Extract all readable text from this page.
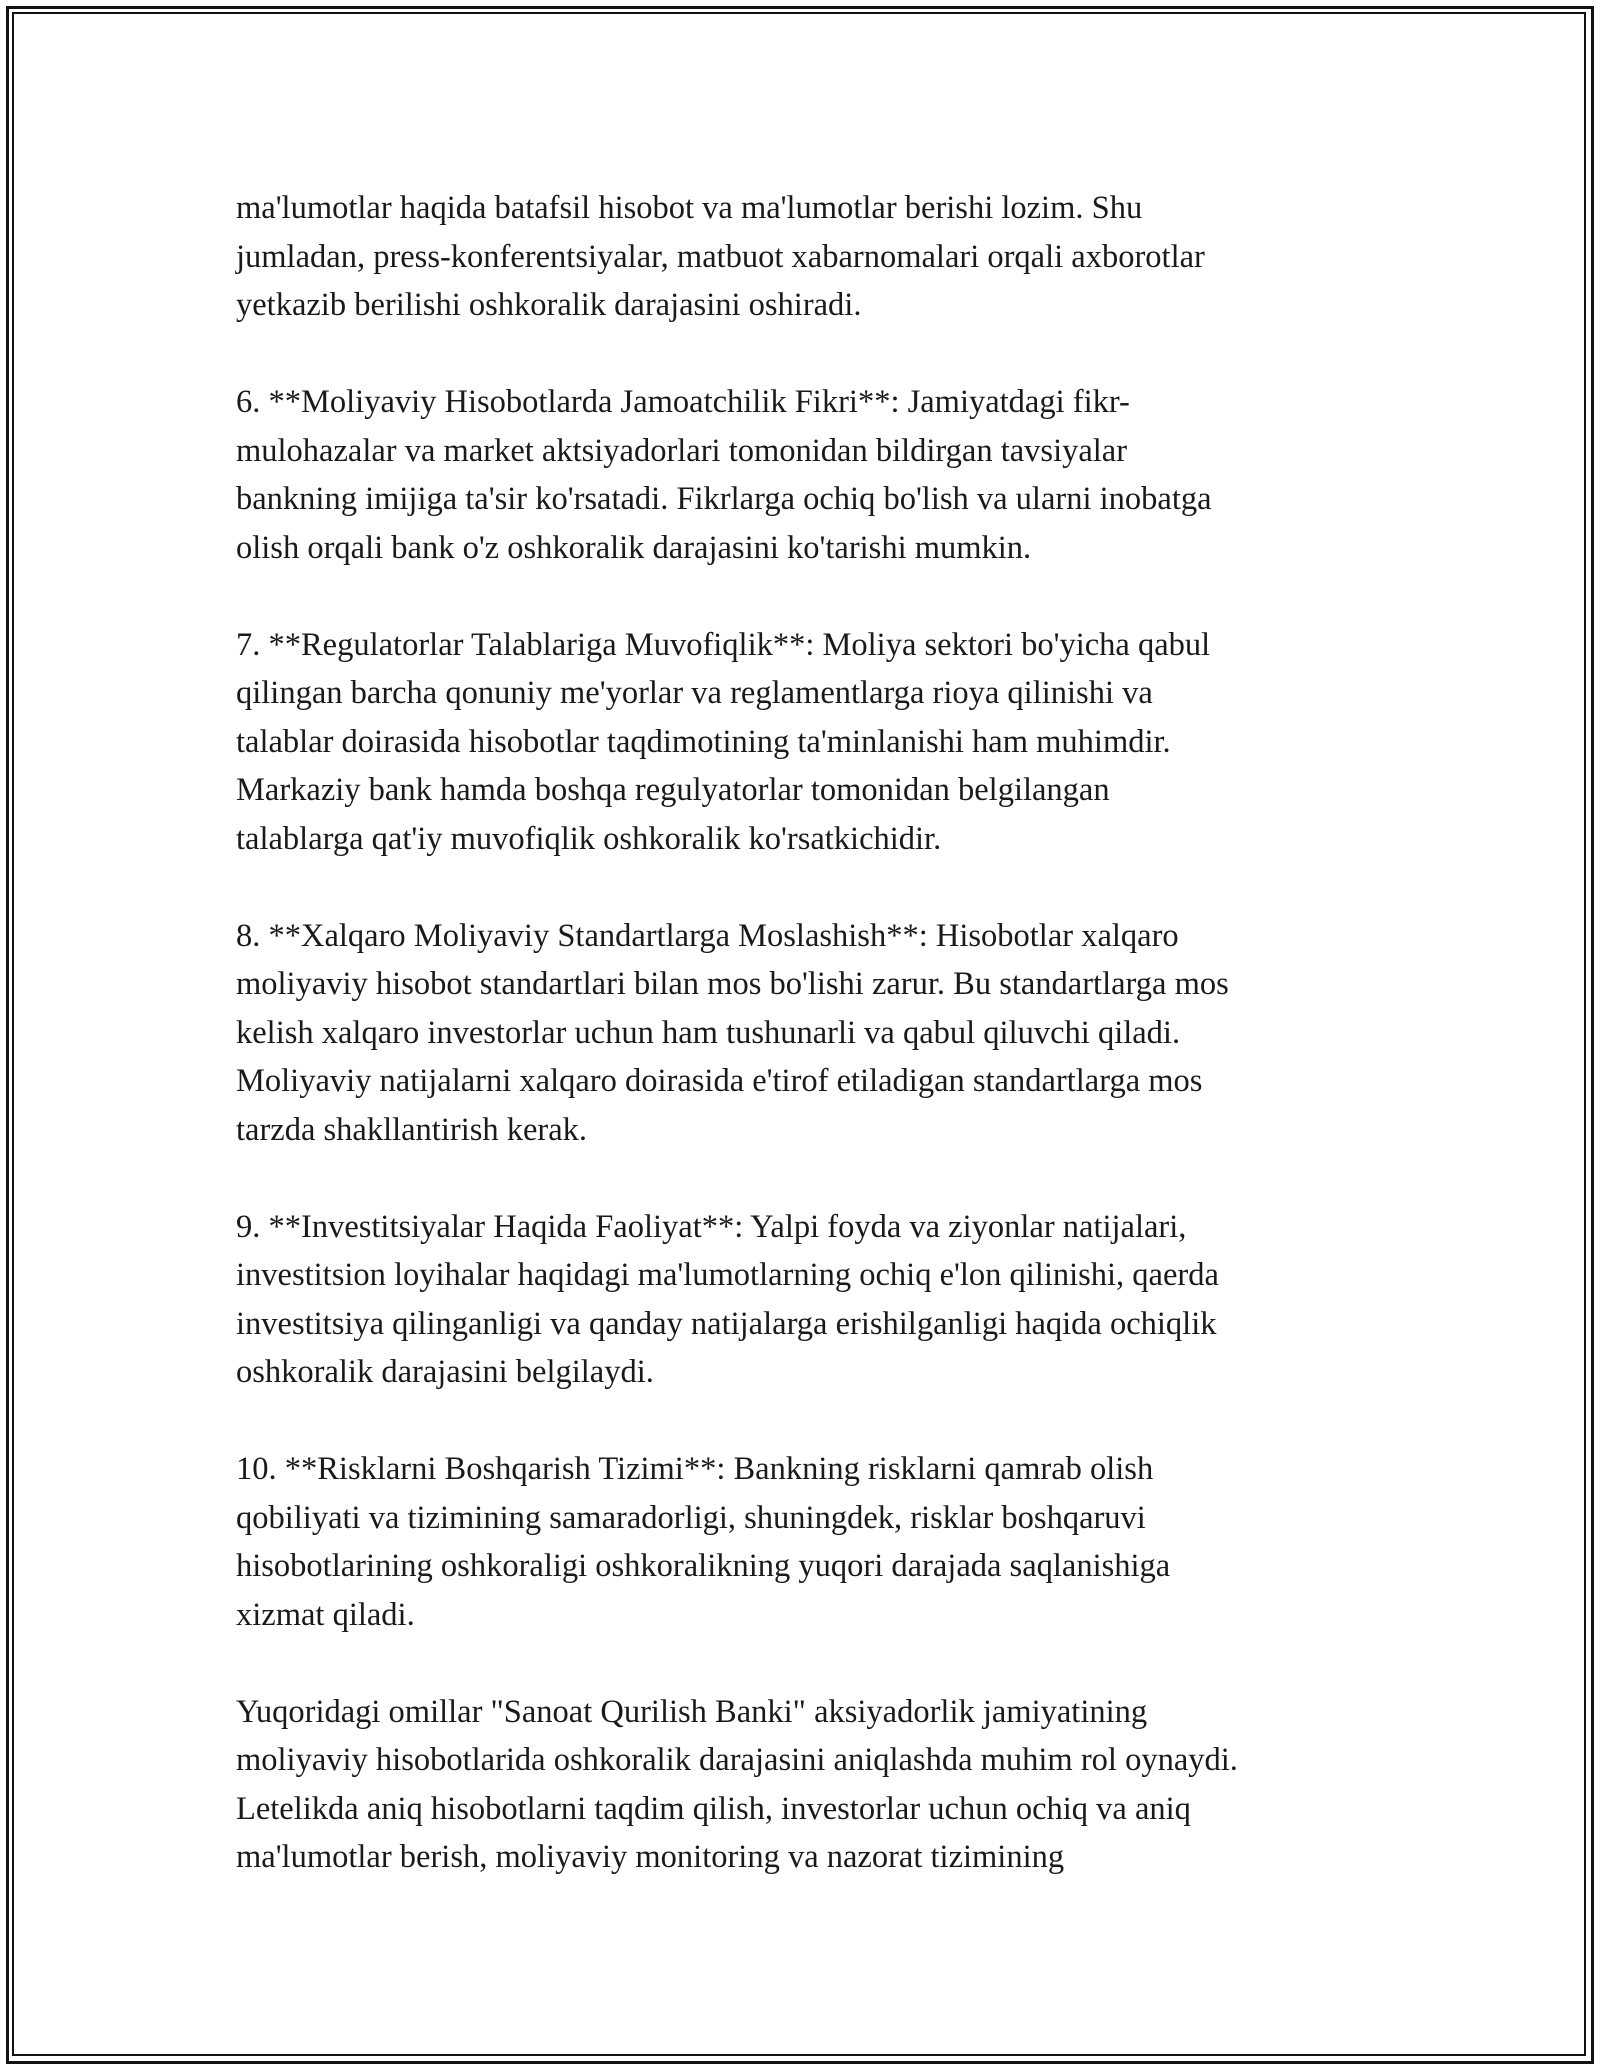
ma'lumotlar haqida batafsil hisobot va ma'lumotlar berishi lozim. Shu
jumladan, press-konferentsiyalar, matbuot xabarnomalari orqali axborotlar
yetkazib berilishi oshkoralik darajasini oshiradi.

6. **Moliyaviy Hisobotlarda Jamoatchilik Fikri**: Jamiyatdagi fikr-
mulohazalar va market aktsiyadorlari tomonidan bildirgan tavsiyalar
bankning imijiga ta'sir ko'rsatadi. Fikrlarga ochiq bo'lish va ularni inobatga
olish orqali bank o'z oshkoralik darajasini ko'tarishi mumkin.

7. **Regulatorlar Talablariga Muvofiqlik**: Moliya sektori bo'yicha qabul
qilingan barcha qonuniy me'yorlar va reglamentlarga rioya qilinishi va
talablar doirasida hisobotlar taqdimotining ta'minlanishi ham muhimdir.
Markaziy bank hamda boshqa regulyatorlar tomonidan belgilangan
talablarga qat'iy muvofiqlik oshkoralik ko'rsatkichidir.

8. **Xalqaro Moliyaviy Standartlarga Moslashish**: Hisobotlar xalqaro
moliyaviy hisobot standartlari bilan mos bo'lishi zarur. Bu standartlarga mos
kelish xalqaro investorlar uchun ham tushunarli va qabul qiluvchi qiladi.
Moliyaviy natijalarni xalqaro doirasida e'tirof etiladigan standartlarga mos
tarzda shakllantirish kerak.

9. **Investitsiyalar Haqida Faoliyat**: Yalpi foyda va ziyonlar natijalari,
investitsion loyihalar haqidagi ma'lumotlarning ochiq e'lon qilinishi, qaerda
investitsiya qilinganligi va qanday natijalarga erishilganligi haqida ochiqlik
oshkoralik darajasini belgilaydi.

10. **Risklarni Boshqarish Tizimi**: Bankning risklarni qamrab olish
qobiliyati va tizimining samaradorligi, shuningdek, risklar boshqaruvi
hisobotlarining oshkoraligi oshkoralikning yuqori darajada saqlanishiga
xizmat qiladi.

Yuqoridagi omillar "Sanoat Qurilish Banki" aksiyadorlik jamiyatining
moliyaviy hisobotlarida oshkoralik darajasini aniqlashda muhim rol oynaydi.
Letelikda aniq hisobotlarni taqdim qilish, investorlar uchun ochiq va aniq
ma'lumotlar berish, moliyaviy monitoring va nazorat tizimining
